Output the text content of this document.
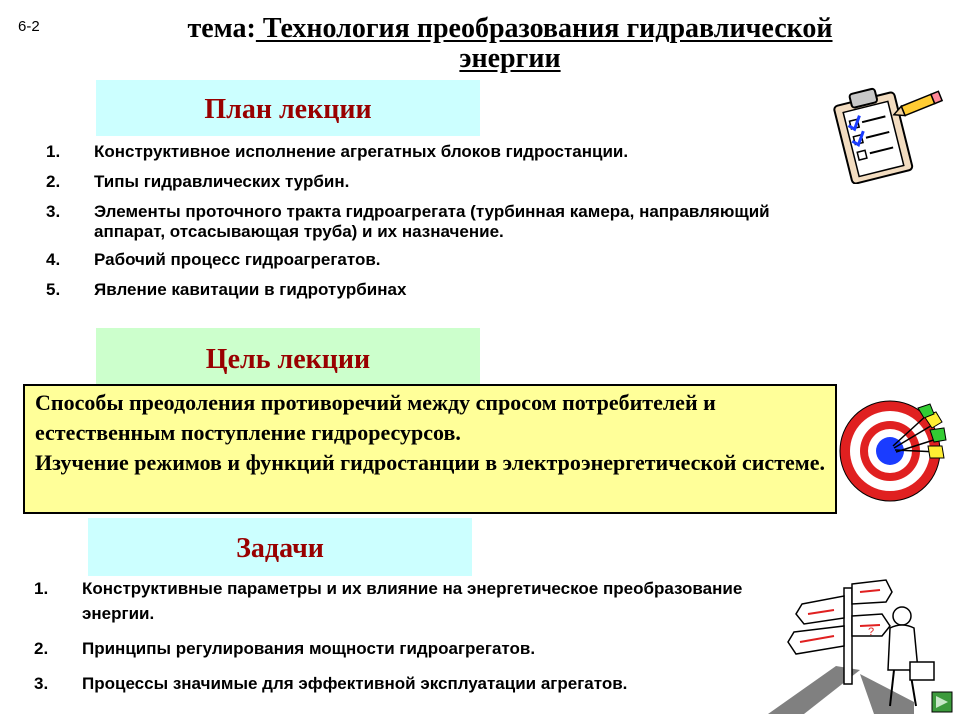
6-2	тема: Технология преобразования гидравлической
энергии
План лекции
1. Конструктивное исполнение агрегатных блоков гидростанции.
2. Типы гидравлических турбин.
3. Элементы проточного тракта гидроагрегата (турбинная камера, направляющий аппарат, отсасывающая труба) и их назначение.
4. Рабочий процесс гидроагрегатов.
5. Явление кавитации в гидротурбинах
Цель лекции

Способы преодоления противоречий между спросом потребителей и естественным поступление гидроресурсов.

Изучение режимов и функций гидростанции в электроэнергетической системе.

Задачи
1. Конструктивные параметры и их влияние на энергетическое преобразование энергии.
2. Принципы регулирования мощности гидроагрегатов.
3. Процессы значимые для эффективной эксплуатации агрегатов.
?
